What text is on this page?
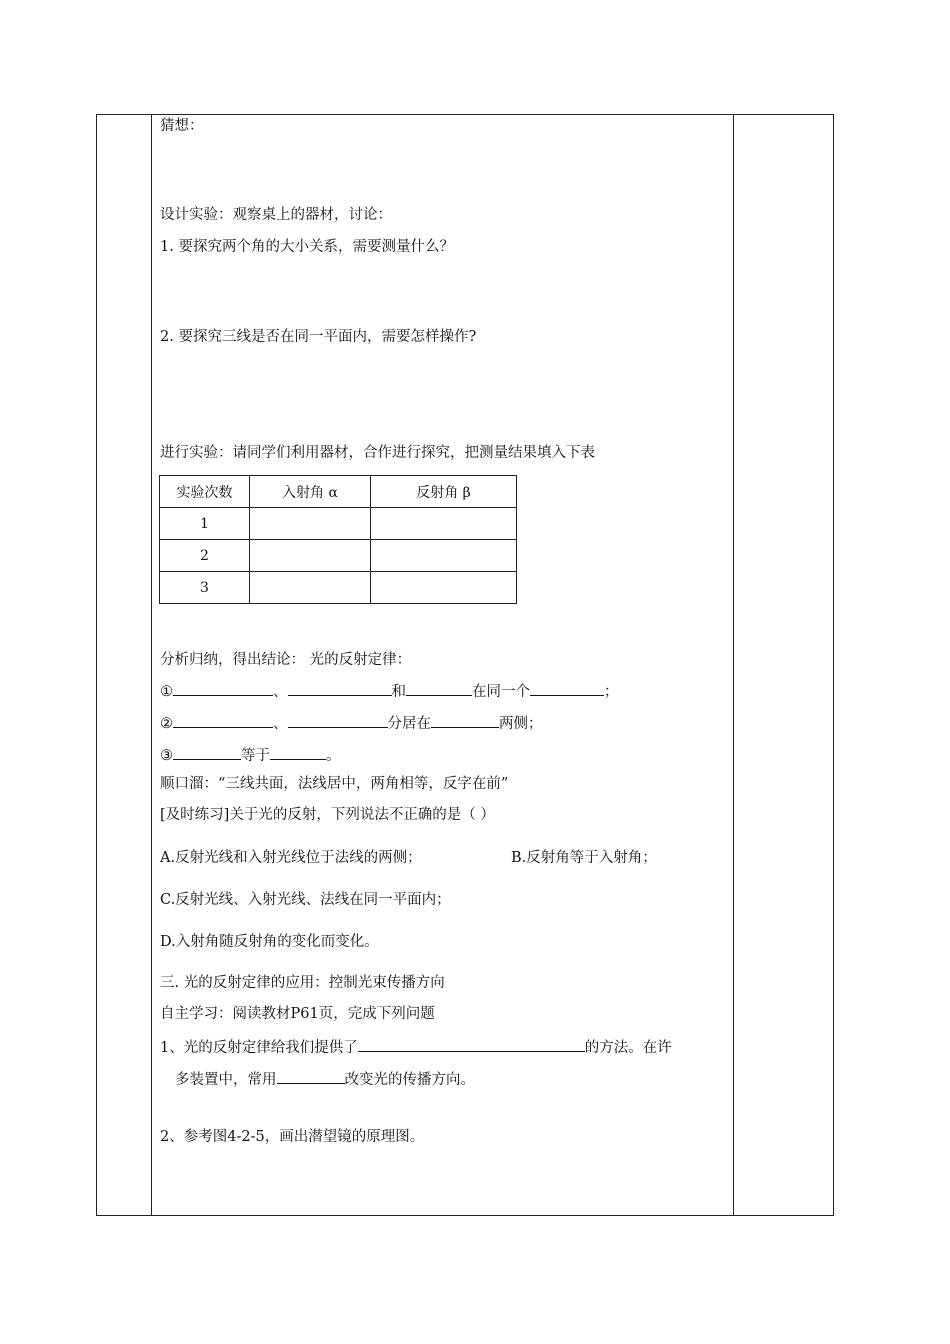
猜想：
设计实验：观察桌上的器材，讨论：
1. 要探究两个角的大小关系，需要测量什么？
2. 要探究三线是否在同一平面内，需要怎样操作?
进行实验：请同学们利用器材，合作进行探究，把测量结果填入下表
实验次数	入射角 α	反射角 β
1		
2		
3		
分析归纳，得出结论： 光的反射定律：
①	、	和	在同一个	；
②	、	分居在	两侧；
③	等于	。
顺口溜：“三线共面，法线居中，两角相等，反字在前”
[及时练习]关于光的反射，下列说法不正确的是（ ）
A.反射光线和入射光线位于法线的两侧；	B.反射角等于入射角；
C.反射光线、入射光线、法线在同一平面内；
D.入射角随反射角的变化而变化。
三. 光的反射定律的应用：控制光束传播方向
自主学习：阅读教材P61页，完成下列问题
1、光的反射定律给我们提供了	的方法。在许
多装置中，常用	改变光的传播方向。
2、参考图4-2-5，画出潜望镜的原理图。
